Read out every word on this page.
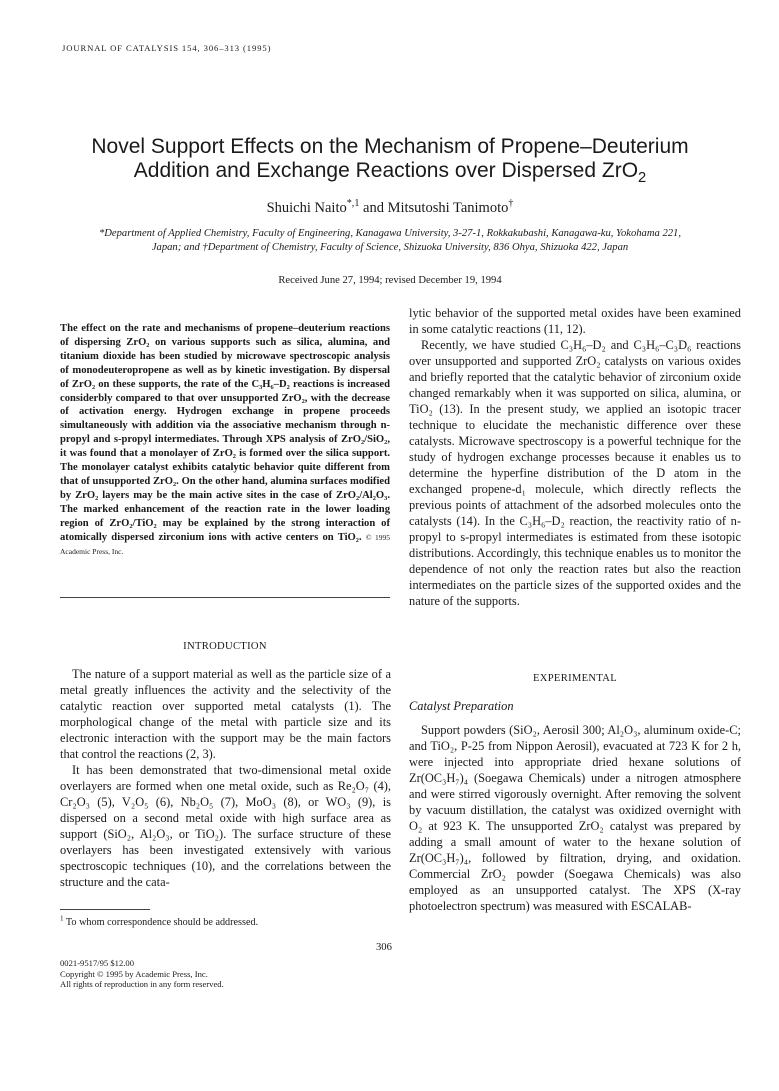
JOURNAL OF CATALYSIS 154, 306–313 (1995)
Novel Support Effects on the Mechanism of Propene–Deuterium
Addition and Exchange Reactions over Dispersed ZrO$_2$
Shuichi Naito$^{*,1}$ and Mitsutoshi Tanimoto†
*Department of Applied Chemistry, Faculty of Engineering, Kanagawa University, 3-27-1, Rokkakubashi, Kanagawa-ku, Yokohama 221, Japan; and †Department of Chemistry, Faculty of Science, Shizuoka University, 836 Ohya, Shizuoka 422, Japan
Received June 27, 1994; revised December 19, 1994
The effect on the rate and mechanisms of propene–deuterium reactions of dispersing ZrO₂ on various supports such as silica, alumina, and titanium dioxide has been studied by microwave spectroscopic analysis of monodeuteropropene as well as by kinetic investigation. By dispersal of ZrO₂ on these supports, the rate of the C₃H₆–D₂ reactions is increased considerbly compared to that over unsupported ZrO₂, with the decrease of activation energy. Hydrogen exchange in propene proceeds simultaneously with addition via the associative mechanism through n-propyl and s-propyl intermediates. Through XPS analysis of ZrO₂/SiO₂, it was found that a monolayer of ZrO₂ is formed over the silica support. The monolayer catalyst exhibits catalytic behavior quite different from that of unsupported ZrO₂. On the other hand, alumina surfaces modified by ZrO₂ layers may be the main active sites in the case of ZrO₂/Al₂O₃. The marked enhancement of the reaction rate in the lower loading region of ZrO₂/TiO₂ may be explained by the strong interaction of atomically dispersed zirconium ions with active centers on TiO₂. © 1995 Academic Press, Inc.
INTRODUCTION

The nature of a support material as well as the particle size of a metal greatly influences the activity and the selectivity of the catalytic reaction over supported metal catalysts (1). The morphological change of the metal with particle size and its electronic interaction with the support may be the main factors that control the reactions (2, 3).

It has been demonstrated that two-dimensional metal oxide overlayers are formed when one metal oxide, such as Re₂O₇ (4), Cr₂O₃ (5), V₂O₅ (6), Nb₂O₅ (7), MoO₃ (8), or WO₃ (9), is dispersed on a second metal oxide with high surface area as support (SiO₂, Al₂O₃, or TiO₂). The surface structure of these overlayers has been investigated extensively with various spectroscopic techniques (10), and the correlations between the structure and the cata-

$^1$ To whom correspondence should be addressed.

lytic behavior of the supported metal oxides have been examined in some catalytic reactions (11, 12).

Recently, we have studied C₃H₆–D₂ and C₃H₆–C₃D₆ reactions over unsupported and supported ZrO₂ catalysts on various oxides and briefly reported that the catalytic behavior of zirconium oxide changed remarkably when it was supported on silica, alumina, or TiO₂ (13). In the present study, we applied an isotopic tracer technique to elucidate the mechanistic difference over these catalysts. Microwave spectroscopy is a powerful technique for the study of hydrogen exchange processes because it enables us to determine the hyperfine distribution of the D atom in the exchanged propene-d₁ molecule, which directly reflects the previous points of attachment of the adsorbed molecules onto the catalysts (14). In the C₃H₆–D₂ reaction, the reactivity ratio of n-propyl to s-propyl intermediates is estimated from these isotopic distributions. Accordingly, this technique enables us to monitor the dependence of not only the reaction rates but also the reaction intermediates on the particle sizes of the supported oxides and the nature of the supports.

EXPERIMENTAL
Catalyst Preparation

Support powders (SiO₂, Aerosil 300; Al₂O₃, aluminum oxide-C; and TiO₂, P-25 from Nippon Aerosil), evacuated at 723 K for 2 h, were injected into appropriate dried hexane solutions of Zr(OC₃H₇)₄ (Soegawa Chemicals) under a nitrogen atmosphere and were stirred vigorously overnight. After removing the solvent by vacuum distillation, the catalyst was oxidized overnight with O₂ at 923 K. The unsupported ZrO₂ catalyst was prepared by adding a small amount of water to the hexane solution of Zr(OC₃H₇)₄, followed by filtration, drying, and oxidation. Commercial ZrO₂ powder (Soegawa Chemicals) was also employed as an unsupported catalyst. The XPS (X-ray photoelectron spectrum) was measured with ESCALAB-

306
0021-9517/95 $12.00
Copyright © 1995 by Academic Press, Inc.
All rights of reproduction in any form reserved.
